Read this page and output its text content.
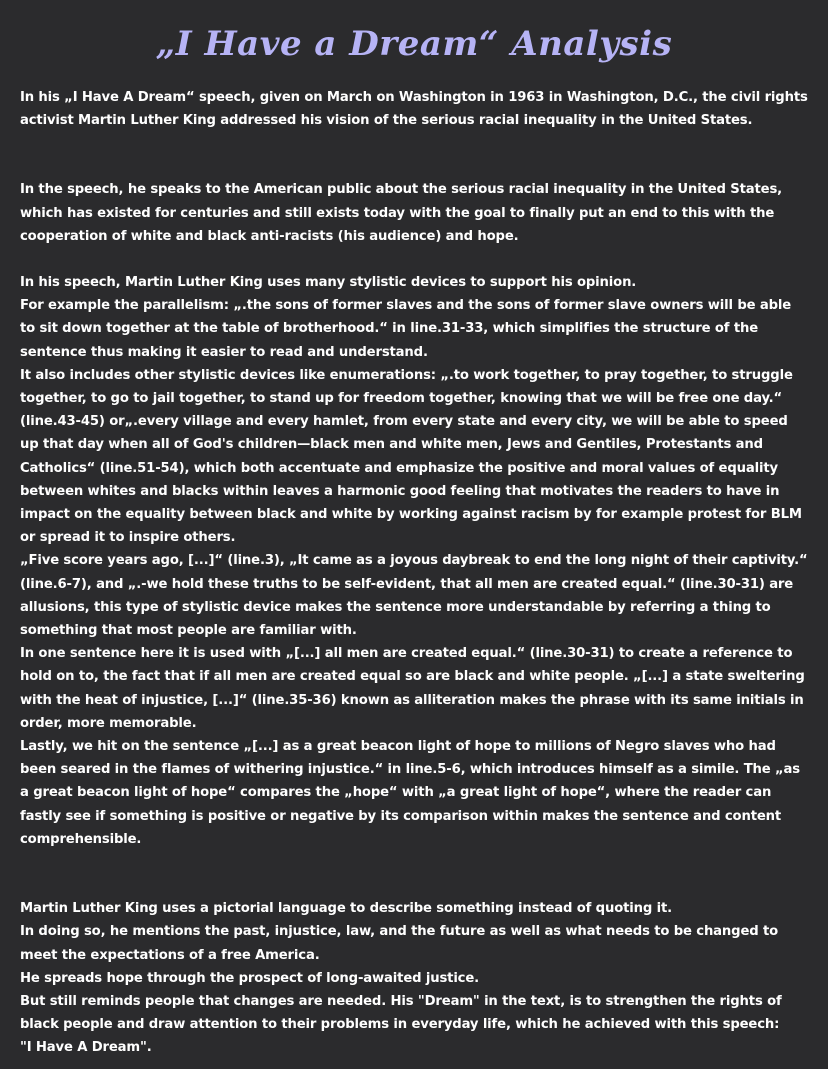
„I Have a Dream“ Analysis

In his „I Have A Dream“ speech, given on March on Washington in 1963 in Washington, D.C., the civil rights activist Martin Luther King addressed his vision of the serious racial inequality in the United States.

In the speech, he speaks to the American public about the serious racial inequality in the United States, which has existed for centuries and still exists today with the goal to finally put an end to this with the cooperation of white and black anti-racists (his audience) and hope.

In his speech, Martin Luther King uses many stylistic devices to support his opinion.

For example the parallelism: „.the sons of former slaves and the sons of former slave owners will be able to sit down together at the table of brotherhood.“ in line.31-33, which simplifies the structure of the sentence thus making it easier to read and understand.

It also includes other stylistic devices like enumerations: „.to work together, to pray together, to struggle together, to go to jail together, to stand up for freedom together, knowing that we will be free one day.“ (line.43-45) or„.every village and every hamlet, from every state and every city, we will be able to speed up that day when all of God's children—black men and white men, Jews and Gentiles, Protestants and Catholics“ (line.51-54), which both accentuate and emphasize the positive and moral values of equality between whites and blacks within leaves a harmonic good feeling that motivates the readers to have in impact on the equality between black and white by working against racism by for example protest for BLM or spread it to inspire others.

„Five score years ago, [...]“ (line.3), „It came as a joyous daybreak to end the long night of their captivity.“ (line.6-7), and „.-we hold these truths to be self-evident, that all men are created equal.“ (line.30-31) are allusions, this type of stylistic device makes the sentence more understandable by referring a thing to something that most people are familiar with.

In one sentence here it is used with „[...] all men are created equal.“ (line.30-31) to create a reference to hold on to, the fact that if all men are created equal so are black and white people. „[...] a state sweltering with the heat of injustice, [...]“ (line.35-36) known as alliteration makes the phrase with its same initials in order, more memorable.

Lastly, we hit on the sentence „[...] as a great beacon light of hope to millions of Negro slaves who had been seared in the flames of withering injustice.“ in line.5-6, which introduces himself as a simile. The „as a great beacon light of hope“ compares the „hope“ with „a great light of hope“, where the reader can fastly see if something is positive or negative by its comparison within makes the sentence and content comprehensible.

Martin Luther King uses a pictorial language to describe something instead of quoting it.

In doing so, he mentions the past, injustice, law, and the future as well as what needs to be changed to meet the expectations of a free America.

He spreads hope through the prospect of long-awaited justice.

But still reminds people that changes are needed. His "Dream" in the text, is to strengthen the rights of black people and draw attention to their problems in everyday life, which he achieved with this speech:

"I Have A Dream".
